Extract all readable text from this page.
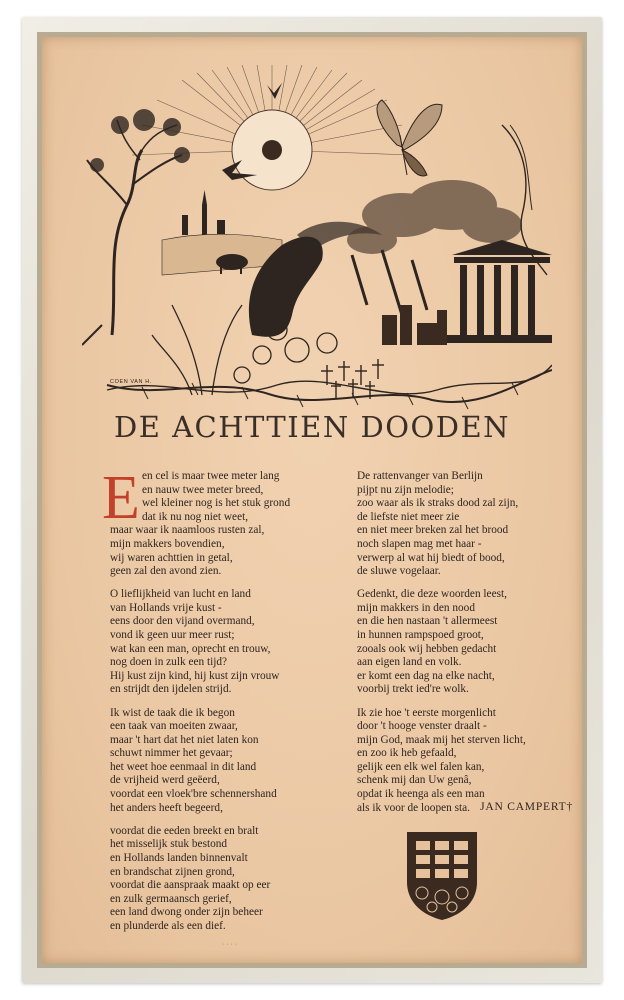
COEN VAN H.
DE ACHTTIEN DOODEN
E en cel is maar twee meter lang
en nauw twee meter breed,
wel kleiner nog is het stuk grond
dat ik nu nog niet weet,
maar waar ik naamloos rusten zal,
mijn makkers bovendien,
wij waren achttien in getal,
geen zal den avond zien.
O lieflijkheid van lucht en land
van Hollands vrije kust -
eens door den vijand overmand,
vond ik geen uur meer rust;
wat kan een man, oprecht en trouw,
nog doen in zulk een tijd?
Hij kust zijn kind, hij kust zijn vrouw
en strijdt den ijdelen strijd.
Ik wist de taak die ik begon
een taak van moeiten zwaar,
maar 't hart dat het niet laten kon
schuwt nimmer het gevaar;
het weet hoe eenmaal in dit land
de vrijheid werd geëerd,
voordat een vloek'bre schennershand
het anders heeft begeerd,
voordat die eeden breekt en bralt
het misselijk stuk bestond
en Hollands landen binnenvalt
en brandschat zijnen grond,
voordat die aanspraak maakt op eer
en zulk germaansch gerief,
een land dwong onder zijn beheer
en plunderde als een dief.
De rattenvanger van Berlijn
pijpt nu zijn melodie;
zoo waar als ik straks dood zal zijn,
de liefste niet meer zie
en niet meer breken zal het brood
noch slapen mag met haar -
verwerp al wat hij biedt of bood,
de sluwe vogelaar.
Gedenkt, die deze woorden leest,
mijn makkers in den nood
en die hen nastaan 't allermeest
in hunnen rampspoed groot,
zooals ook wij hebben gedacht
aan eigen land en volk.
er komt een dag na elke nacht,
voorbij trekt ied're wolk.
Ik zie hoe 't eerste morgenlicht
door 't hooge venster draalt -
mijn God, maak mij het sterven licht,
en zoo ik heb gefaald,
gelijk een elk wel falen kan,
schenk mij dan Uw genâ,
opdat ik heenga als een man
als ik voor de loopen sta. JAN CAMPERT†
· · · ·
